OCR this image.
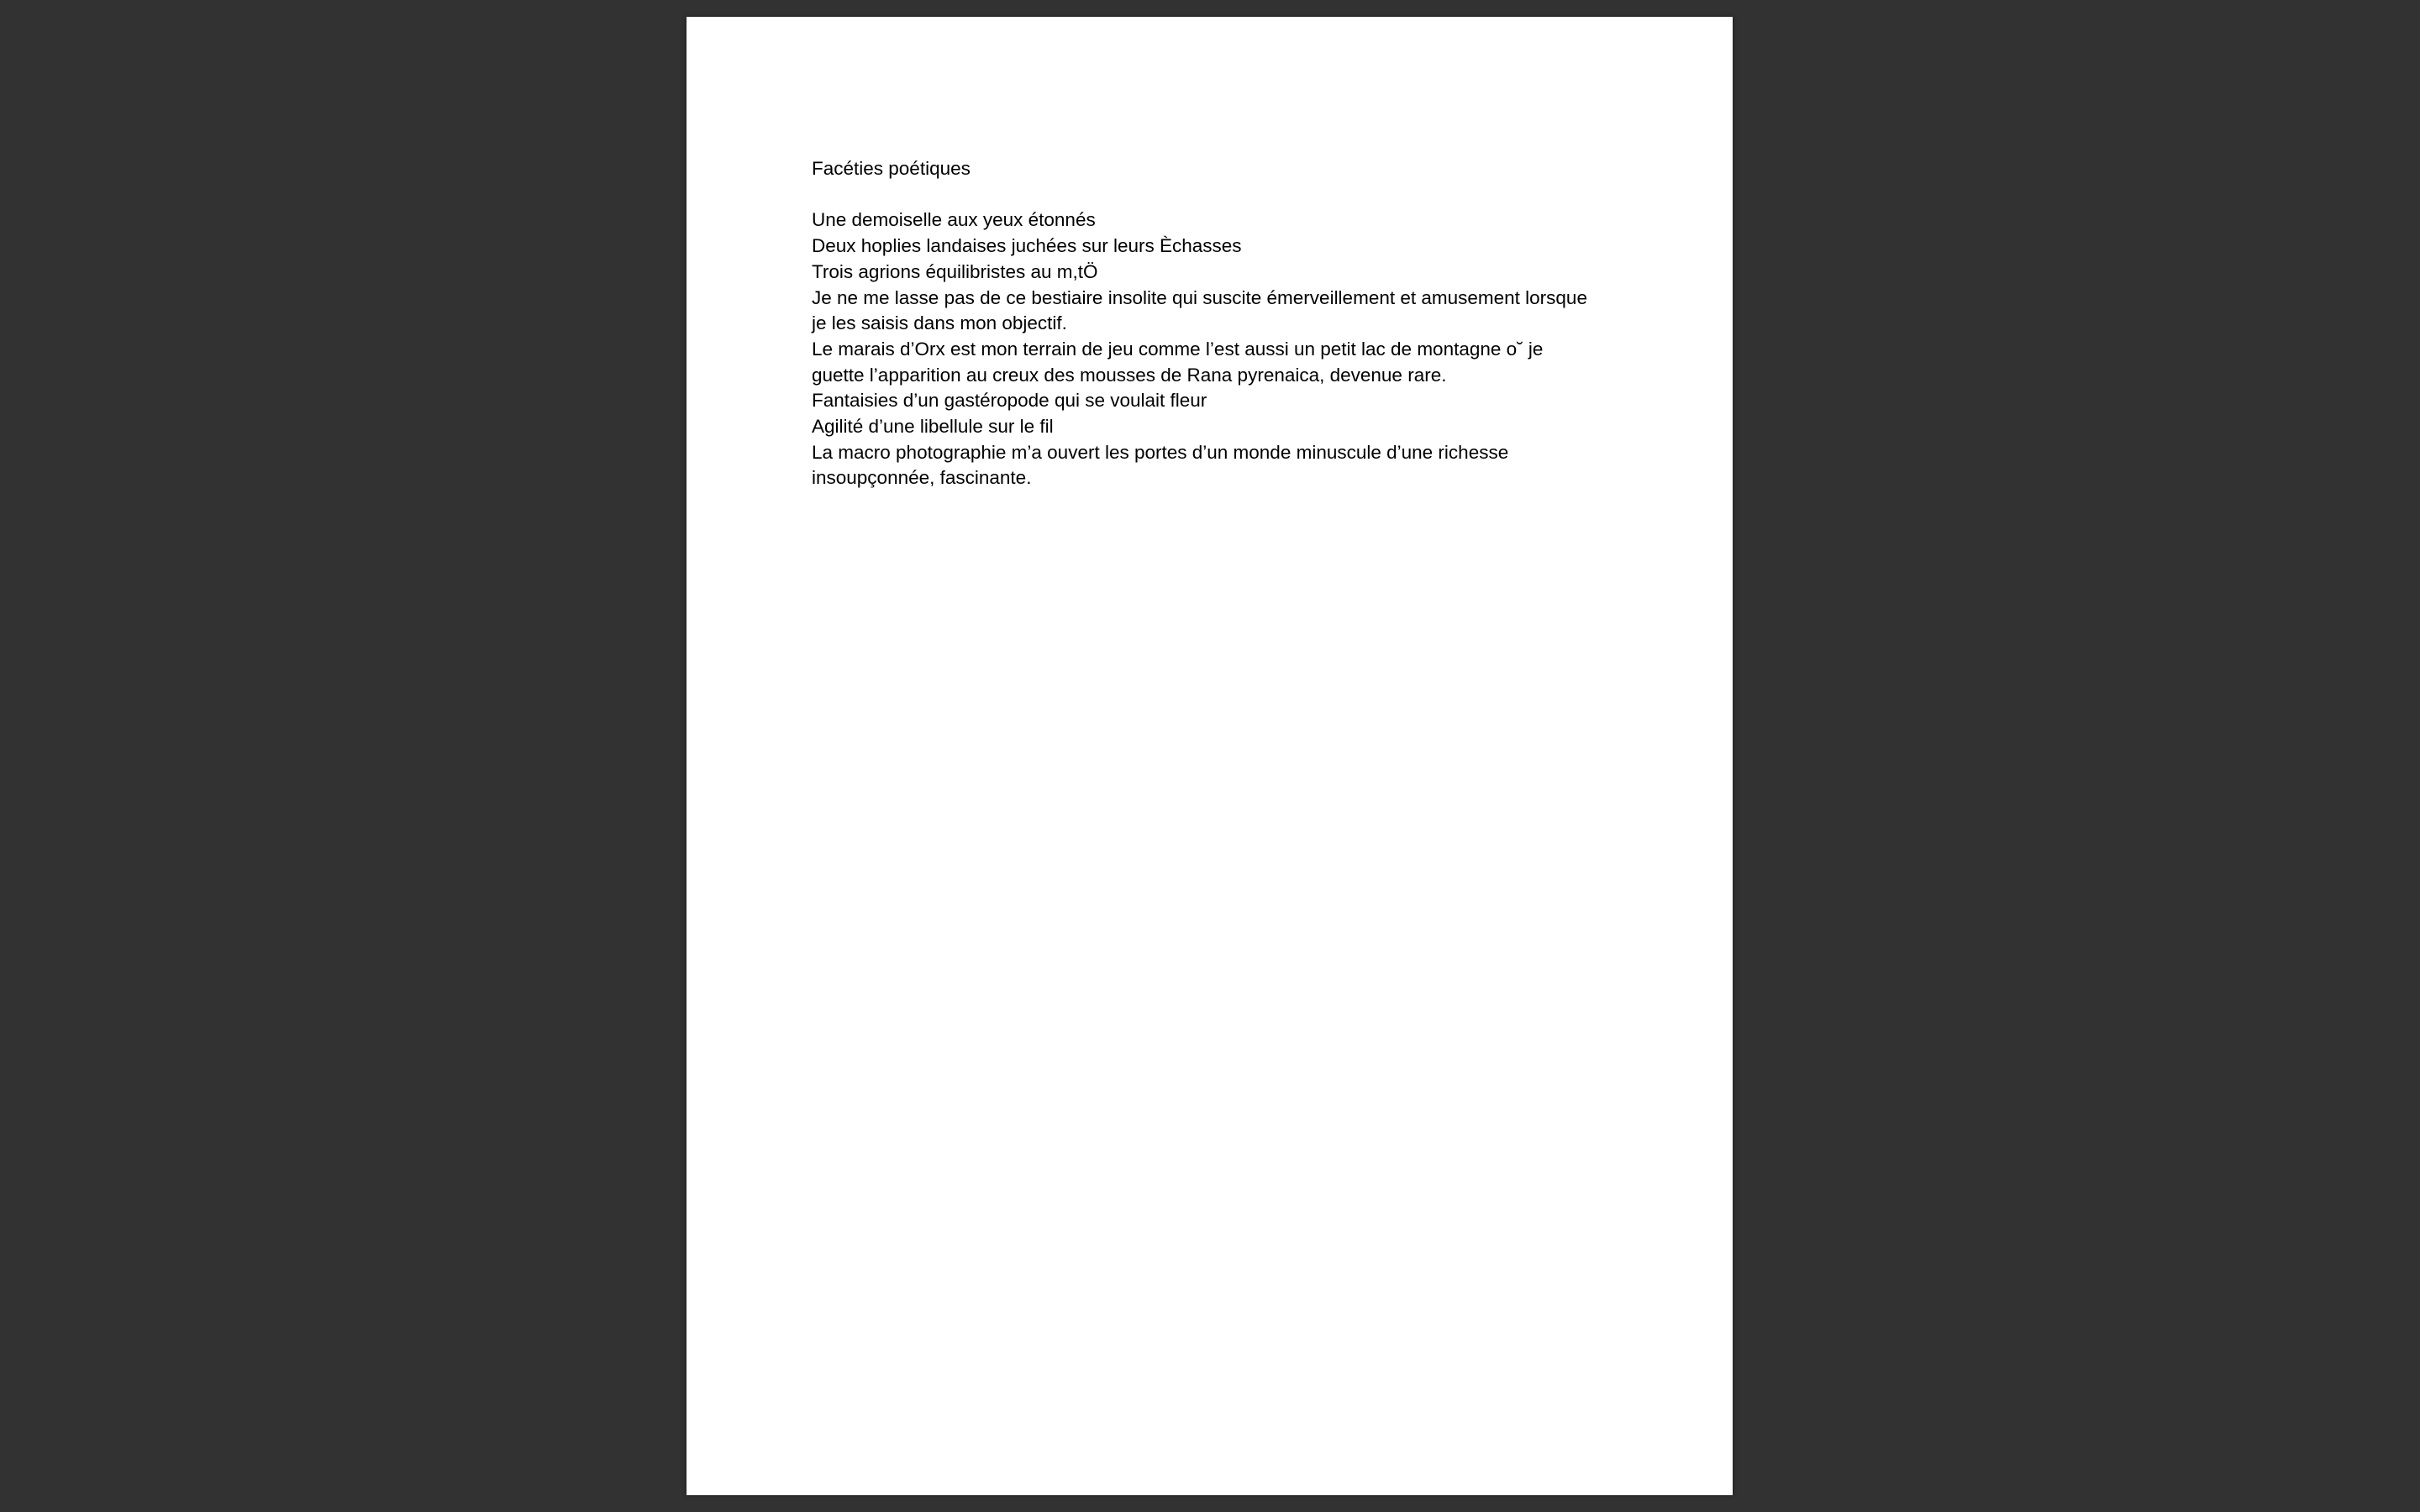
Facéties poétiques

Une demoiselle aux yeux étonnés

Deux hoplies landaises juchées sur leurs Èchasses

Trois agrions équilibristes au m,tÖ

Je ne me lasse pas de ce bestiaire insolite qui suscite émerveillement et amusement lorsque
je les saisis dans mon objectif.

Le marais d’Orx est mon terrain de jeu comme l’est aussi un petit lac de montagne o˘ je
guette l’apparition au creux des mousses de Rana pyrenaica, devenue rare.

Fantaisies d’un gastéropode qui se voulait fleur

Agilité d’une libellule sur le fil

La macro photographie m’a ouvert les portes d’un monde minuscule d’une richesse
insoupçonnée, fascinante.
